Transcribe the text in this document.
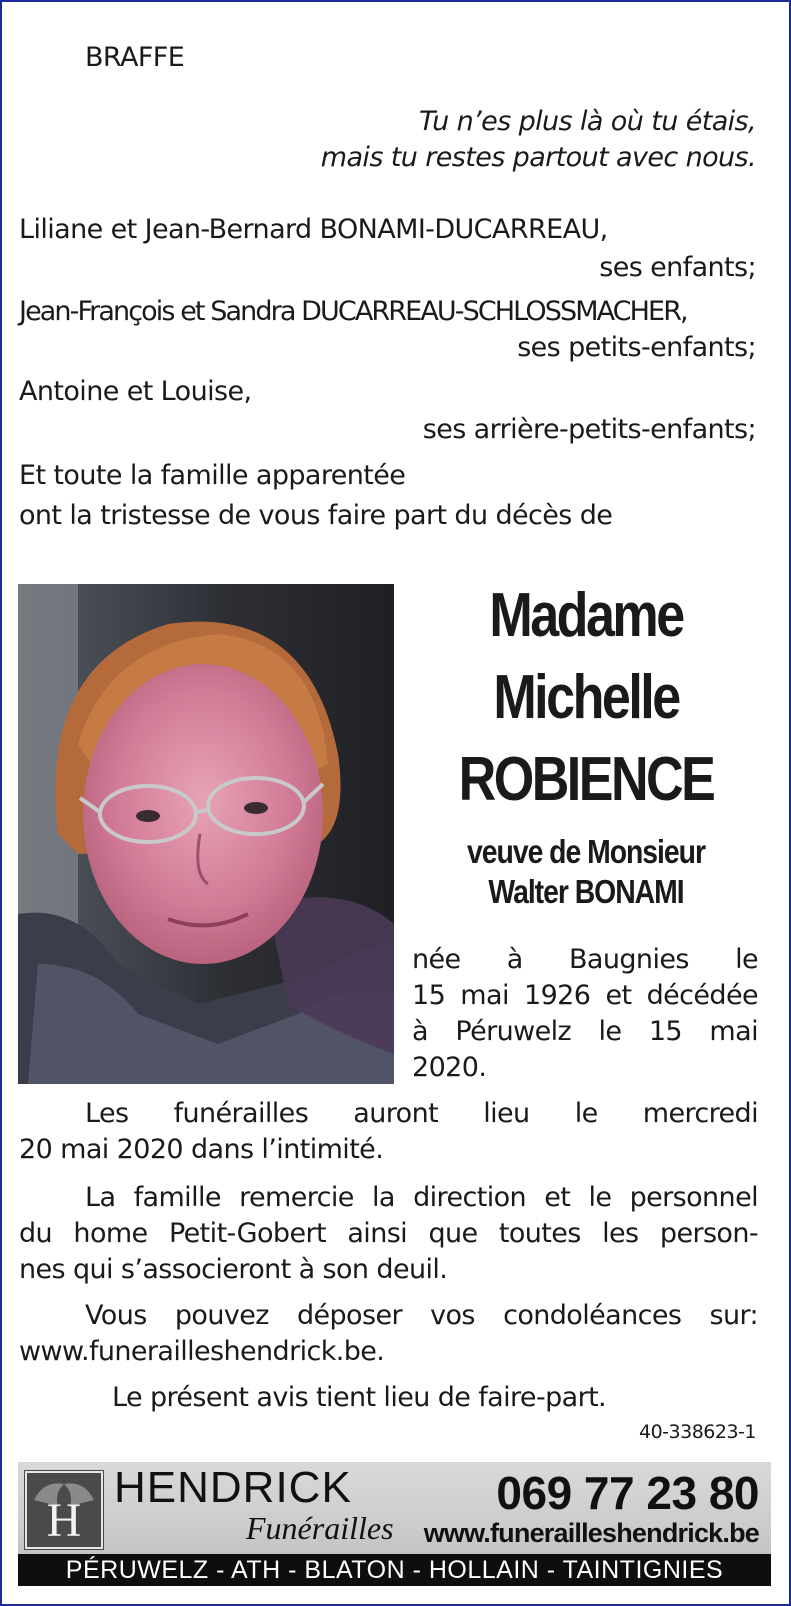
BRAFFE

Tu n’es plus là où tu étais,

mais tu restes partout avec nous.

Liliane et Jean-Bernard BONAMI-DUCARREAU,

ses enfants;

Jean-François et Sandra DUCARREAU-SCHLOSSMACHER,

ses petits-enfants;

Antoine et Louise,

ses arrière-petits-enfants;

Et toute la famille apparentée

ont la tristesse de vous faire part du décès de

Madame

Michelle

ROBIENCE

veuve de Monsieur

Walter BONAMI

née à Baugnies le

15 mai 1926 et décédée

à Péruwelz le 15 mai

2020.

Les funérailles auront lieu le mercredi

20 mai 2020 dans l’intimité.

La famille remercie la direction et le personnel

du home Petit-Gobert ainsi que toutes les person-

nes qui s’associeront à son deuil.

Vous pouvez déposer vos condoléances sur:

www.funerailleshendrick.be.

Le présent avis tient lieu de faire-part.

40-338623-1

H

HENDRICK

Funérailles

069 77 23 80

www.funerailleshendrick.be

PÉRUWELZ - ATH - BLATON - HOLLAIN - TAINTIGNIES
